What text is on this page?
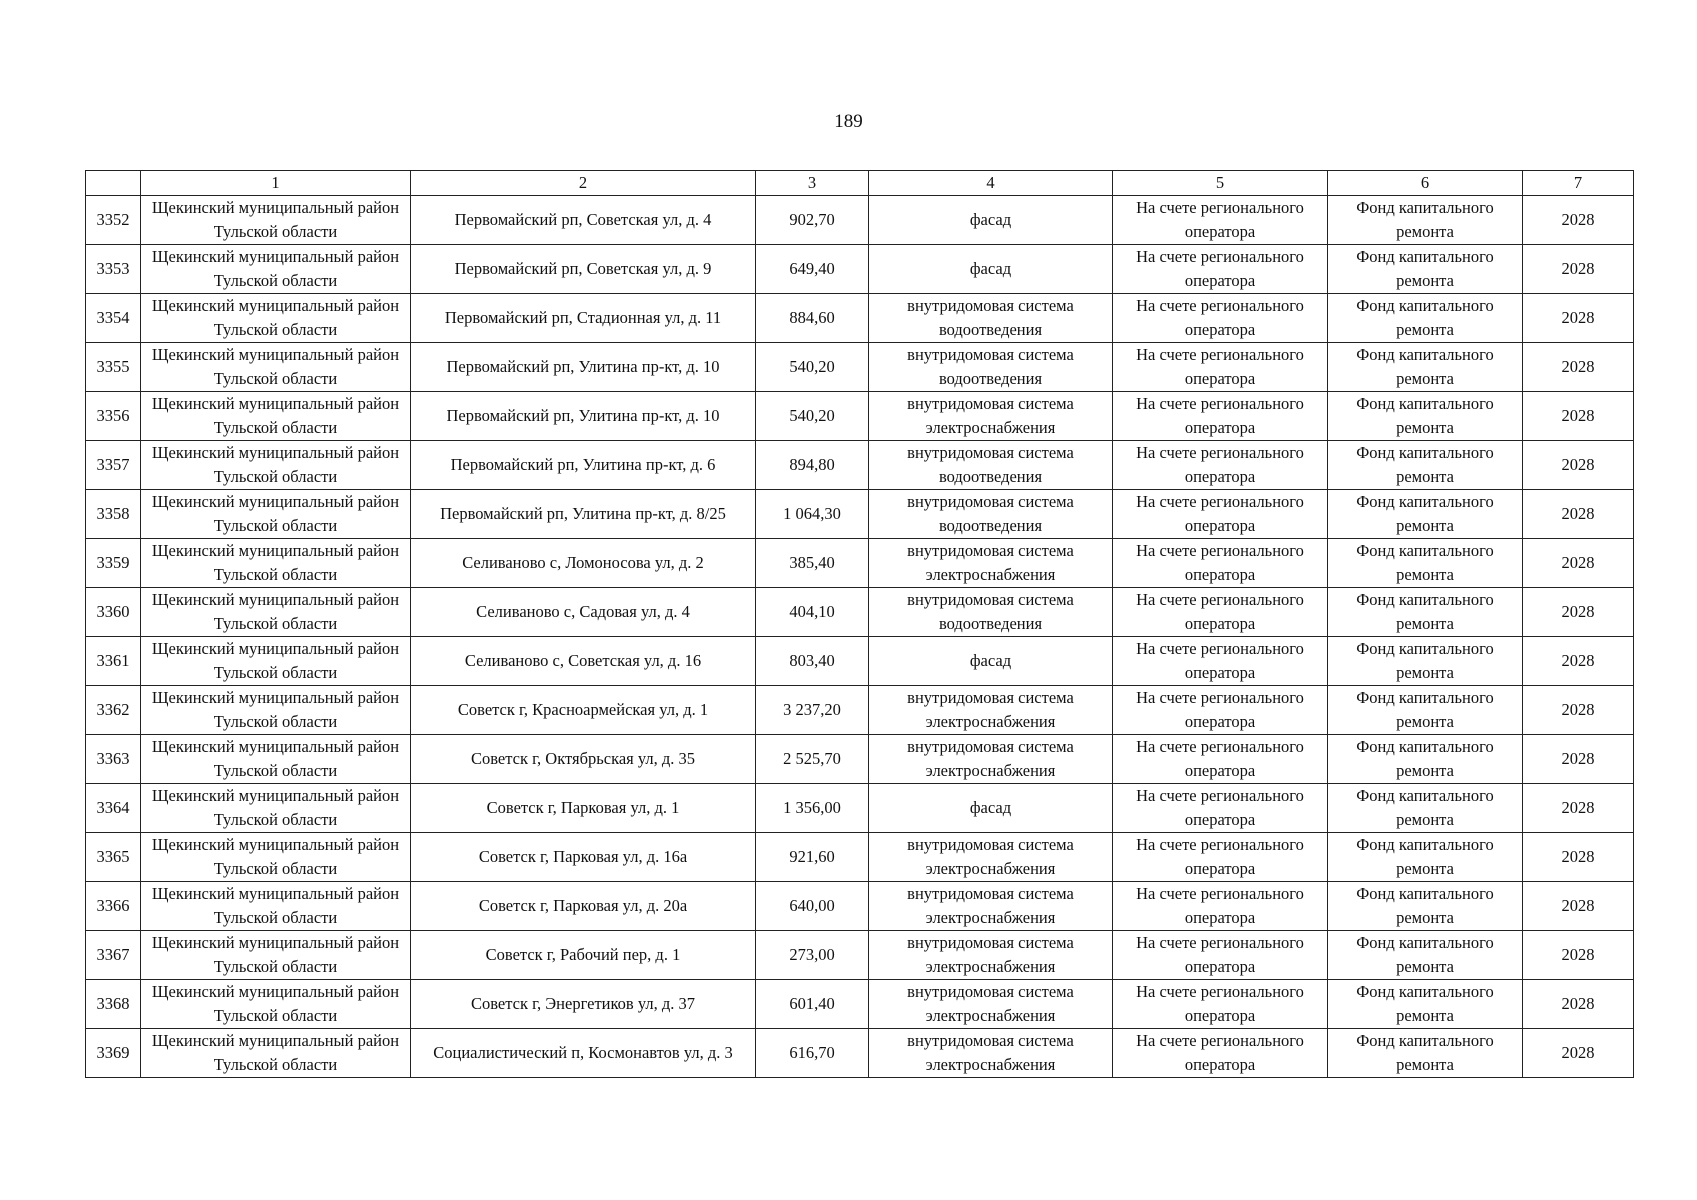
189
	1	2	3	4	5	6	7
3352	Щекинский муниципальный район Тульской области	Первомайский рп, Советская ул, д. 4	902,70	фасад	На счете регионального оператора	Фонд капитального ремонта	2028
3353	Щекинский муниципальный район Тульской области	Первомайский рп, Советская ул, д. 9	649,40	фасад	На счете регионального оператора	Фонд капитального ремонта	2028
3354	Щекинский муниципальный район Тульской области	Первомайский рп, Стадионная ул, д. 11	884,60	внутридомовая система водоотведения	На счете регионального оператора	Фонд капитального ремонта	2028
3355	Щекинский муниципальный район Тульской области	Первомайский рп, Улитина пр-кт, д. 10	540,20	внутридомовая система водоотведения	На счете регионального оператора	Фонд капитального ремонта	2028
3356	Щекинский муниципальный район Тульской области	Первомайский рп, Улитина пр-кт, д. 10	540,20	внутридомовая система электроснабжения	На счете регионального оператора	Фонд капитального ремонта	2028
3357	Щекинский муниципальный район Тульской области	Первомайский рп, Улитина пр-кт, д. 6	894,80	внутридомовая система водоотведения	На счете регионального оператора	Фонд капитального ремонта	2028
3358	Щекинский муниципальный район Тульской области	Первомайский рп, Улитина пр-кт, д. 8/25	1 064,30	внутридомовая система водоотведения	На счете регионального оператора	Фонд капитального ремонта	2028
3359	Щекинский муниципальный район Тульской области	Селиваново с, Ломоносова ул, д. 2	385,40	внутридомовая система электроснабжения	На счете регионального оператора	Фонд капитального ремонта	2028
3360	Щекинский муниципальный район Тульской области	Селиваново с, Садовая ул, д. 4	404,10	внутридомовая система водоотведения	На счете регионального оператора	Фонд капитального ремонта	2028
3361	Щекинский муниципальный район Тульской области	Селиваново с, Советская ул, д. 16	803,40	фасад	На счете регионального оператора	Фонд капитального ремонта	2028
3362	Щекинский муниципальный район Тульской области	Советск г, Красноармейская ул, д. 1	3 237,20	внутридомовая система электроснабжения	На счете регионального оператора	Фонд капитального ремонта	2028
3363	Щекинский муниципальный район Тульской области	Советск г, Октябрьская ул, д. 35	2 525,70	внутридомовая система электроснабжения	На счете регионального оператора	Фонд капитального ремонта	2028
3364	Щекинский муниципальный район Тульской области	Советск г, Парковая ул, д. 1	1 356,00	фасад	На счете регионального оператора	Фонд капитального ремонта	2028
3365	Щекинский муниципальный район Тульской области	Советск г, Парковая ул, д. 16а	921,60	внутридомовая система электроснабжения	На счете регионального оператора	Фонд капитального ремонта	2028
3366	Щекинский муниципальный район Тульской области	Советск г, Парковая ул, д. 20а	640,00	внутридомовая система электроснабжения	На счете регионального оператора	Фонд капитального ремонта	2028
3367	Щекинский муниципальный район Тульской области	Советск г, Рабочий пер, д. 1	273,00	внутридомовая система электроснабжения	На счете регионального оператора	Фонд капитального ремонта	2028
3368	Щекинский муниципальный район Тульской области	Советск г, Энергетиков ул, д. 37	601,40	внутридомовая система электроснабжения	На счете регионального оператора	Фонд капитального ремонта	2028
3369	Щекинский муниципальный район Тульской области	Социалистический п, Космонавтов ул, д. 3	616,70	внутридомовая система электроснабжения	На счете регионального оператора	Фонд капитального ремонта	2028
